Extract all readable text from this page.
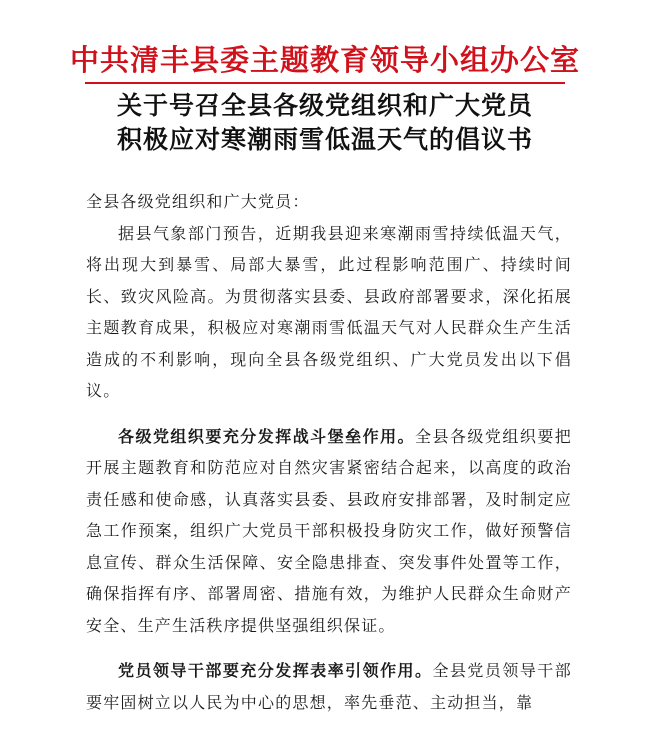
中共清丰县委主题教育领导小组办公室
关于号召全县各级党组织和广大党员
积极应对寒潮雨雪低温天气的倡议书

全县各级党组织和广大党员：

据县气象部门预告，近期我县迎来寒潮雨雪持续低温天气，将出现大到暴雪、局部大暴雪，此过程影响范围广、持续时间长、致灾风险高。为贯彻落实县委、县政府部署要求，深化拓展主题教育成果，积极应对寒潮雨雪低温天气对人民群众生产生活造成的不利影响，现向全县各级党组织、广大党员发出以下倡议。

各级党组织要充分发挥战斗堡垒作用。全县各级党组织要把开展主题教育和防范应对自然灾害紧密结合起来，以高度的政治责任感和使命感，认真落实县委、县政府安排部署，及时制定应急工作预案，组织广大党员干部积极投身防灾工作，做好预警信息宣传、群众生活保障、安全隐患排查、突发事件处置等工作，确保指挥有序、部署周密、措施有效，为维护人民群众生命财产安全、生产生活秩序提供坚强组织保证。

党员领导干部要充分发挥表率引领作用。全县党员领导干部要牢固树立以人民为中心的思想，率先垂范、主动担当，靠
